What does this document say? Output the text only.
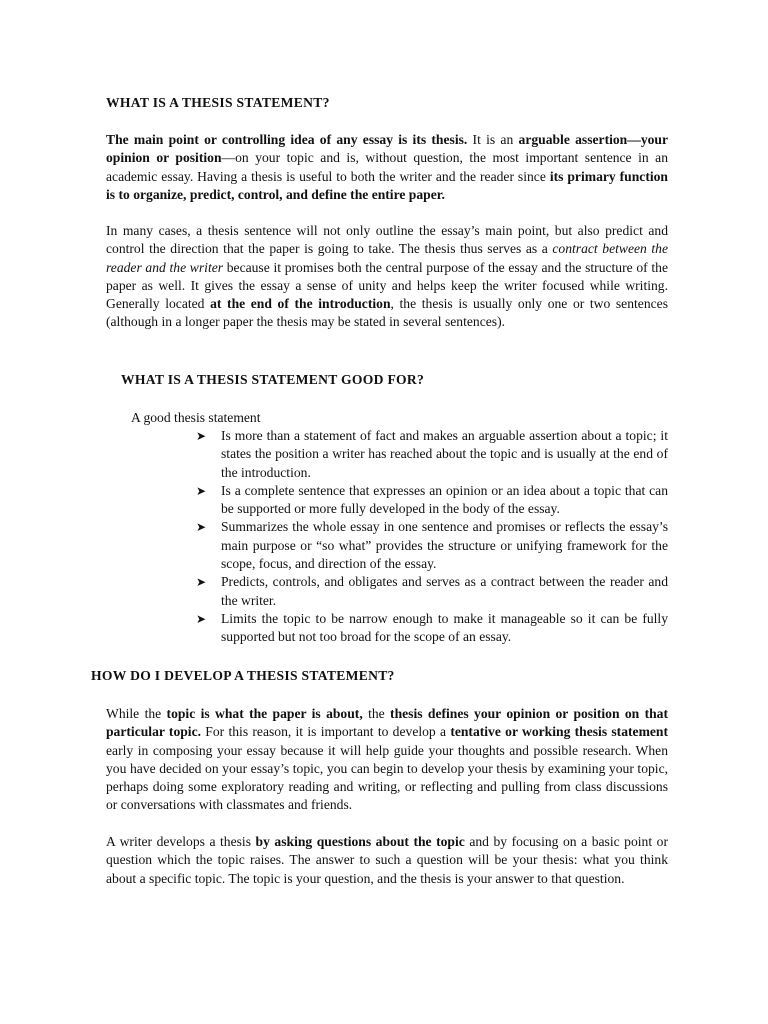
WHAT IS A THESIS STATEMENT?

The main point or controlling idea of any essay is its thesis. It is an arguable assertion—your opinion or position—on your topic and is, without question, the most important sentence in an academic essay. Having a thesis is useful to both the writer and the reader since its primary function is to organize, predict, control, and define the entire paper.

In many cases, a thesis sentence will not only outline the essay’s main point, but also predict and control the direction that the paper is going to take. The thesis thus serves as a contract between the reader and the writer because it promises both the central purpose of the essay and the structure of the paper as well. It gives the essay a sense of unity and helps keep the writer focused while writing. Generally located at the end of the introduction, the thesis is usually only one or two sentences (although in a longer paper the thesis may be stated in several sentences).

WHAT IS A THESIS STATEMENT GOOD FOR?

A good thesis statement

➤ Is more than a statement of fact and makes an arguable assertion about a topic; it states the position a writer has reached about the topic and is usually at the end of the introduction.
➤ Is a complete sentence that expresses an opinion or an idea about a topic that can be supported or more fully developed in the body of the essay.
➤ Summarizes the whole essay in one sentence and promises or reflects the essay’s main purpose or “so what” provides the structure or unifying framework for the scope, focus, and direction of the essay.
➤ Predicts, controls, and obligates and serves as a contract between the reader and the writer.
➤ Limits the topic to be narrow enough to make it manageable so it can be fully supported but not too broad for the scope of an essay.
HOW DO I DEVELOP A THESIS STATEMENT?

While the topic is what the paper is about, the thesis defines your opinion or position on that particular topic. For this reason, it is important to develop a tentative or working thesis statement early in composing your essay because it will help guide your thoughts and possible research. When you have decided on your essay’s topic, you can begin to develop your thesis by examining your topic, perhaps doing some exploratory reading and writing, or reflecting and pulling from class discussions or conversations with classmates and friends.

A writer develops a thesis by asking questions about the topic and by focusing on a basic point or question which the topic raises. The answer to such a question will be your thesis: what you think about a specific topic. The topic is your question, and the thesis is your answer to that question.
